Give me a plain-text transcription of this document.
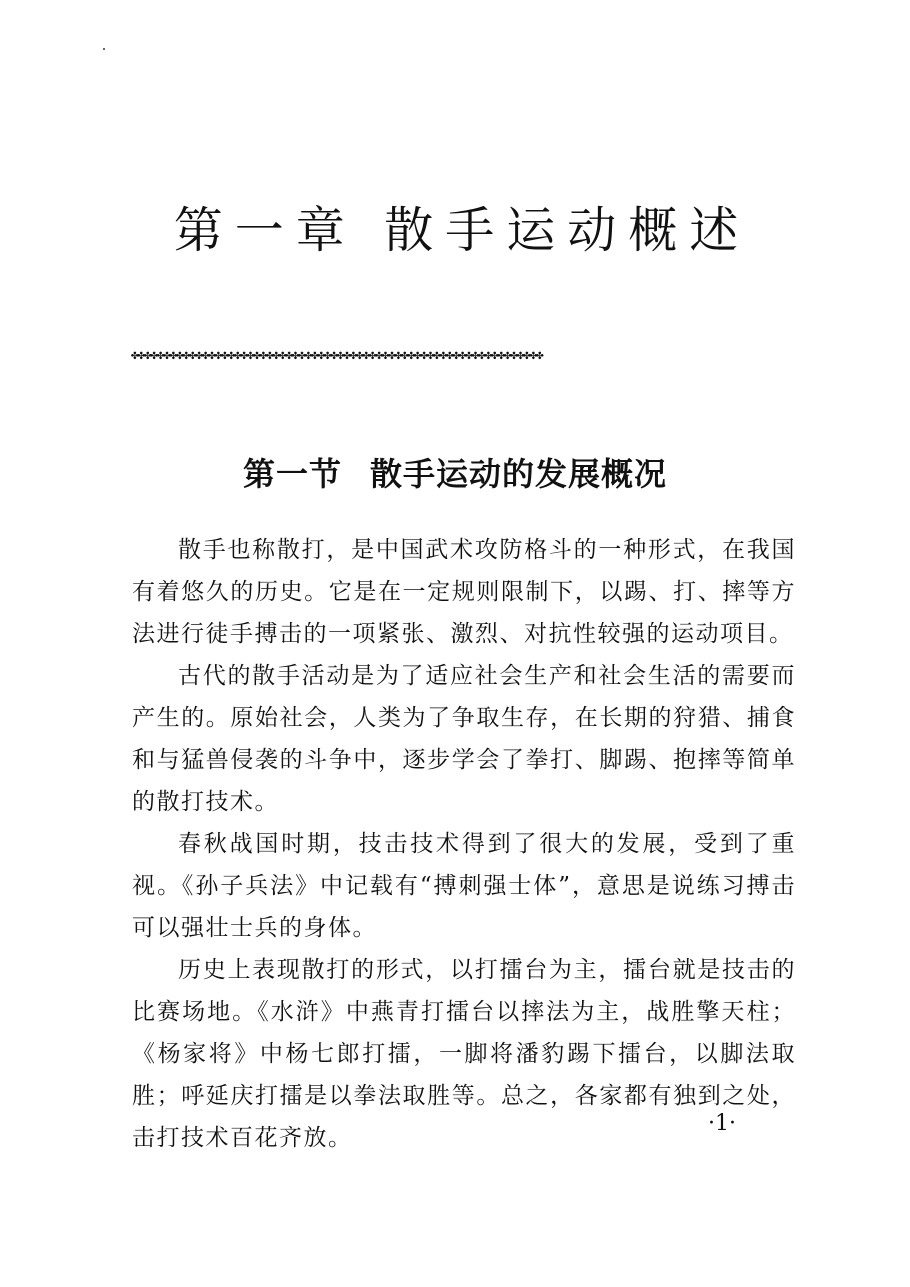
第一章 散手运动概述
✤✤✤✤✤✤✤✤✤✤✤✤✤✤✤✤✤✤✤✤✤✤✤✤✤✤✤✤✤✤✤✤✤✤✤✤✤✤✤✤✤✤✤✤✤✤✤✤✤✤✤✤✤✤✤✤✤✤✤✤✤✤✤✤
第一节 散手运动的发展概况

散手也称散打，是中国武术攻防格斗的一种形式，在我国有着悠久的历史。它是在一定规则限制下，以踢、打、摔等方法进行徒手搏击的一项紧张、激烈、对抗性较强的运动项目。

古代的散手活动是为了适应社会生产和社会生活的需要而产生的。原始社会，人类为了争取生存，在长期的狩猎、捕食和与猛兽侵袭的斗争中，逐步学会了拳打、脚踢、抱摔等简单的散打技术。

春秋战国时期，技击技术得到了很大的发展，受到了重视。《孙子兵法》中记载有“搏刺强士体”，意思是说练习搏击可以强壮士兵的身体。

历史上表现散打的形式，以打擂台为主，擂台就是技击的比赛场地。《水浒》中燕青打擂台以摔法为主，战胜擎天柱；《杨家将》中杨七郎打擂，一脚将潘豹踢下擂台，以脚法取胜；呼延庆打擂是以拳法取胜等。总之，各家都有独到之处，击打技术百花齐放。

·1·
